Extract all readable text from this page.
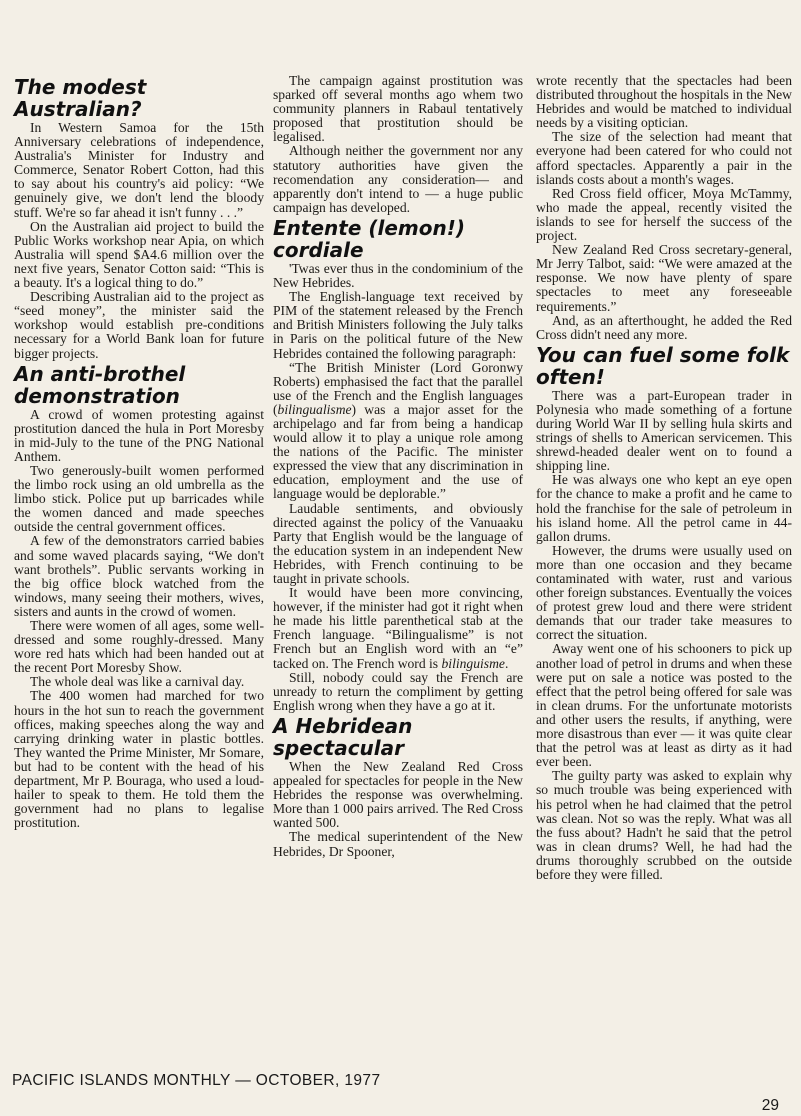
The modest Australian?

In Western Samoa for the 15th Anniversary celebrations of independence, Australia's Minister for Industry and Commerce, Senator Robert Cotton, had this to say about his country's aid policy: “We genuinely give, we don't lend the bloody stuff. We're so far ahead it isn't funny . . .”

On the Australian aid project to build the Public Works workshop near Apia, on which Australia will spend $A4.6 million over the next five years, Senator Cotton said: “This is a beauty. It's a logical thing to do.”

Describing Australian aid to the project as “seed money”, the minister said the workshop would establish pre-conditions necessary for a World Bank loan for future bigger projects.

An anti-brothel demonstration

A crowd of women protesting against prostitution danced the hula in Port Moresby in mid-July to the tune of the PNG National Anthem.

Two generously-built women performed the limbo rock using an old umbrella as the limbo stick. Police put up barricades while the women danced and made speeches outside the central government offices.

A few of the demonstrators carried babies and some waved placards saying, “We don't want brothels”. Public servants working in the big office block watched from the windows, many seeing their mothers, wives, sisters and aunts in the crowd of women.

There were women of all ages, some well-dressed and some roughly-dressed. Many wore red hats which had been handed out at the recent Port Moresby Show.

The whole deal was like a carnival day.

The 400 women had marched for two hours in the hot sun to reach the government offices, making speeches along the way and carrying drinking water in plastic bottles. They wanted the Prime Minister, Mr Somare, but had to be content with the head of his department, Mr P. Bouraga, who used a loud-hailer to speak to them. He told them the government had no plans to legalise prostitution.

The campaign against prostitution was sparked off several months ago whem two community planners in Rabaul tentatively proposed that prostitution should be legalised.

Although neither the government nor any statutory authorities have given the recomendation any consideration— and apparently don't intend to — a huge public campaign has developed.

Entente (lemon!) cordiale

'Twas ever thus in the condominium of the New Hebrides.

The English-language text received by PIM of the statement released by the French and British Ministers following the July talks in Paris on the political future of the New Hebrides contained the following paragraph:

“The British Minister (Lord Goronwy Roberts) emphasised the fact that the parallel use of the French and the English languages (bilingualisme) was a major asset for the archipelago and far from being a handicap would allow it to play a unique role among the nations of the Pacific. The minister expressed the view that any discrimination in education, employment and the use of language would be deplorable.”

Laudable sentiments, and obviously directed against the policy of the Vanuaaku Party that English would be the language of the education system in an independent New Hebrides, with French continuing to be taught in private schools.

It would have been more convincing, however, if the minister had got it right when he made his little parenthetical stab at the French language. “Bilingualisme” is not French but an English word with an “e” tacked on. The French word is bilinguisme.

Still, nobody could say the French are unready to return the compliment by getting English wrong when they have a go at it.

A Hebridean spectacular

When the New Zealand Red Cross appealed for spectacles for people in the New Hebrides the response was overwhelming. More than 1 000 pairs arrived. The Red Cross wanted 500.

The medical superintendent of the New Hebrides, Dr Spooner,

wrote recently that the spectacles had been distributed throughout the hospitals in the New Hebrides and would be matched to individual needs by a visiting optician.

The size of the selection had meant that everyone had been catered for who could not afford spectacles. Apparently a pair in the islands costs about a month's wages.

Red Cross field officer, Moya McTammy, who made the appeal, recently visited the islands to see for herself the success of the project.

New Zealand Red Cross secretary-general, Mr Jerry Talbot, said: “We were amazed at the response. We now have plenty of spare spectacles to meet any foreseeable requirements.”

And, as an afterthought, he added the Red Cross didn't need any more.

You can fuel some folk often!

There was a part-European trader in Polynesia who made something of a fortune during World War II by selling hula skirts and strings of shells to American servicemen. This shrewd-headed dealer went on to found a shipping line.

He was always one who kept an eye open for the chance to make a profit and he came to hold the franchise for the sale of petroleum in his island home. All the petrol came in 44-gallon drums.

However, the drums were usually used on more than one occasion and they became contaminated with water, rust and various other foreign substances. Eventually the voices of protest grew loud and there were strident demands that our trader take measures to correct the situation.

Away went one of his schooners to pick up another load of petrol in drums and when these were put on sale a notice was posted to the effect that the petrol being offered for sale was in clean drums. For the unfortunate motorists and other users the results, if anything, were more disastrous than ever — it was quite clear that the petrol was at least as dirty as it had ever been.

The guilty party was asked to explain why so much trouble was being experienced with his petrol when he had claimed that the petrol was clean. Not so was the reply. What was all the fuss about? Hadn't he said that the petrol was in clean drums? Well, he had had the drums thoroughly scrubbed on the outside before they were filled.

PACIFIC ISLANDS MONTHLY — OCTOBER, 1977
29
